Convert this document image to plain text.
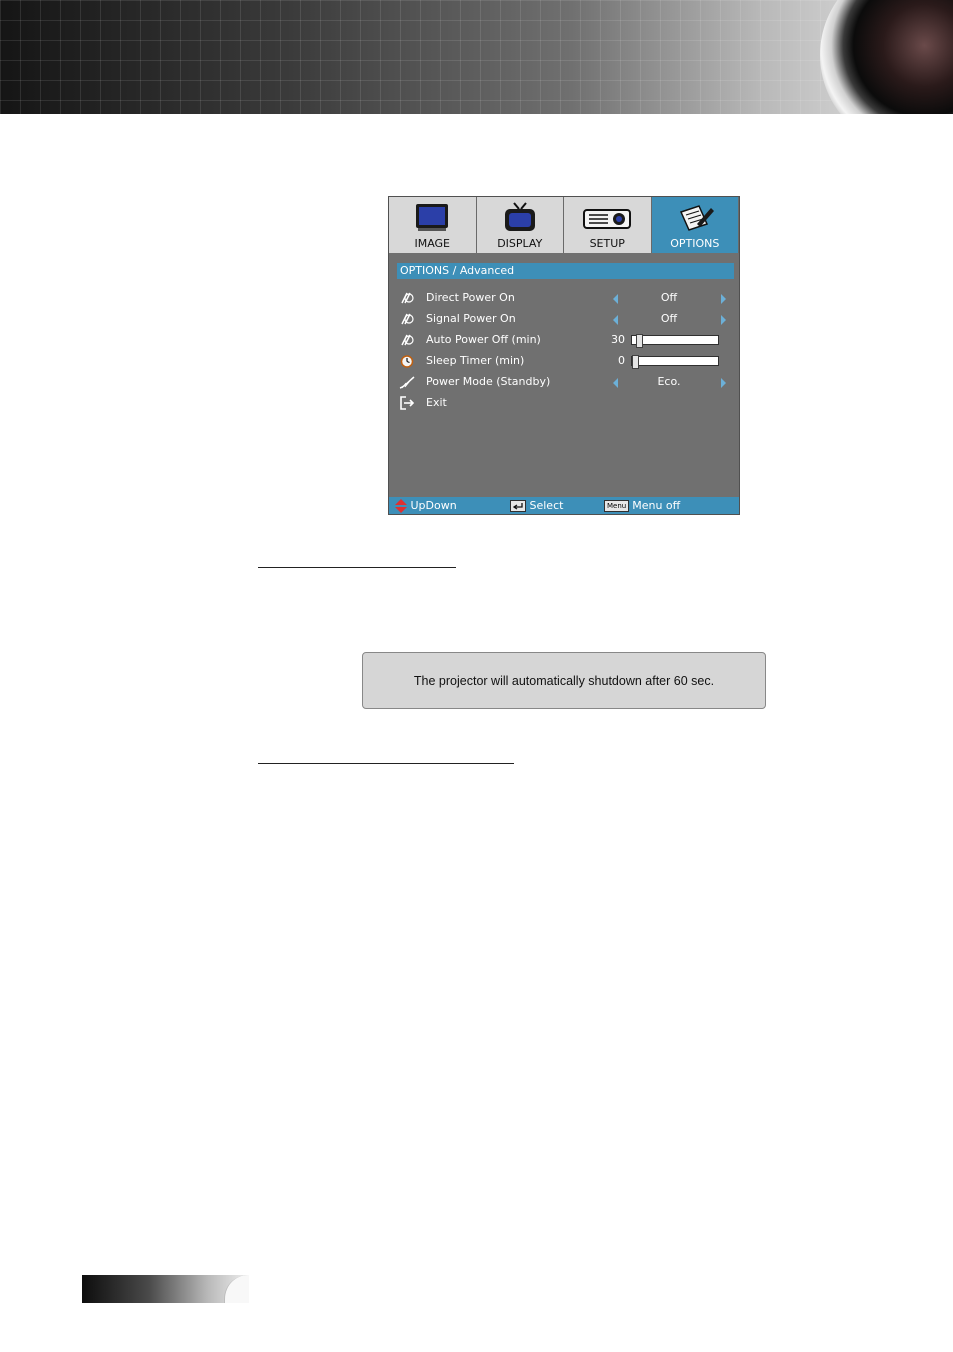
IMAGE	DISPLAY	SETUP	OPTIONS
OPTIONS / Advanced
Direct Power On	Off
Signal Power On	Off
Auto Power Off (min)	30
Sleep Timer (min)	0
Power Mode (Standby)	Eco.
Exit
UpDown	Select	Menu Menu off
The projector will automatically shutdown after 60 sec.
